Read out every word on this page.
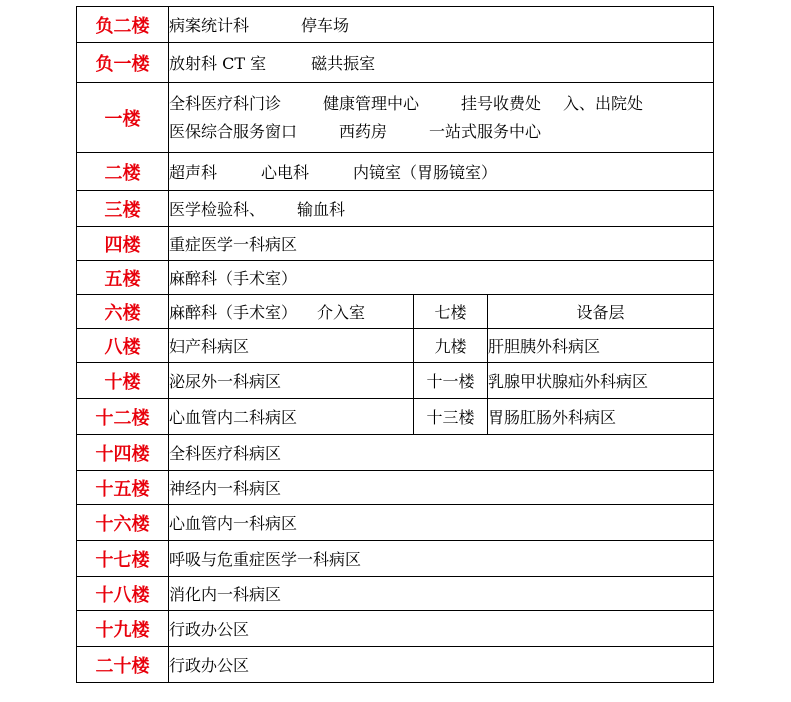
负二楼	病案统计科 停车场		

负一楼	放射科 CT 室 磁共振室		

一楼	全科医疗科门诊 健康管理中心 挂号收费处 入、出院处
医保综合服务窗口 西药房 一站式服务中心		

二楼	超声科 心电科 内镜室（胃肠镜室）		

三楼	医学检验科、 输血科		

四楼	重症医学一科病区		

五楼	麻醉科（手术室）		

六楼	麻醉科（手术室） 介入室	七楼	设备层
八楼	妇产科病区	九楼	肝胆胰外科病区
十楼	泌尿外一科病区	十一楼	乳腺甲状腺疝外科病区
十二楼	心血管内二科病区	十三楼	胃肠肛肠外科病区
十四楼	全科医疗科病区		

十五楼	神经内一科病区		

十六楼	心血管内一科病区		

十七楼	呼吸与危重症医学一科病区		

十八楼	消化内一科病区		

十九楼	行政办公区		

二十楼	行政办公区		
